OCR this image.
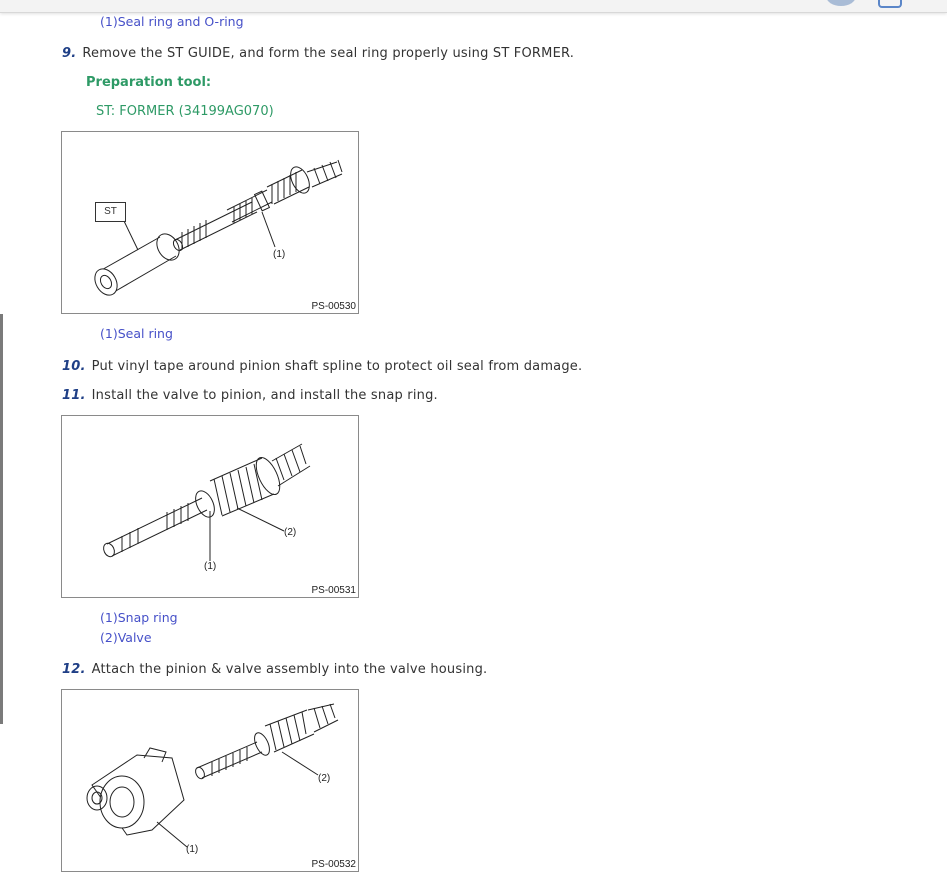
(1)Seal ring and O-ring
9. Remove the ST GUIDE, and form the seal ring properly using ST FORMER.
Preparation tool:
ST: FORMER (34199AG070)
ST
(1)
PS-00530
(1)Seal ring
10. Put vinyl tape around pinion shaft spline to protect oil seal from damage.
11. Install the valve to pinion, and install the snap ring.
(1)
(2)
PS-00531
(1)Snap ring
(2)Valve
12. Attach the pinion & valve assembly into the valve housing.
(1)
(2)
PS-00532
